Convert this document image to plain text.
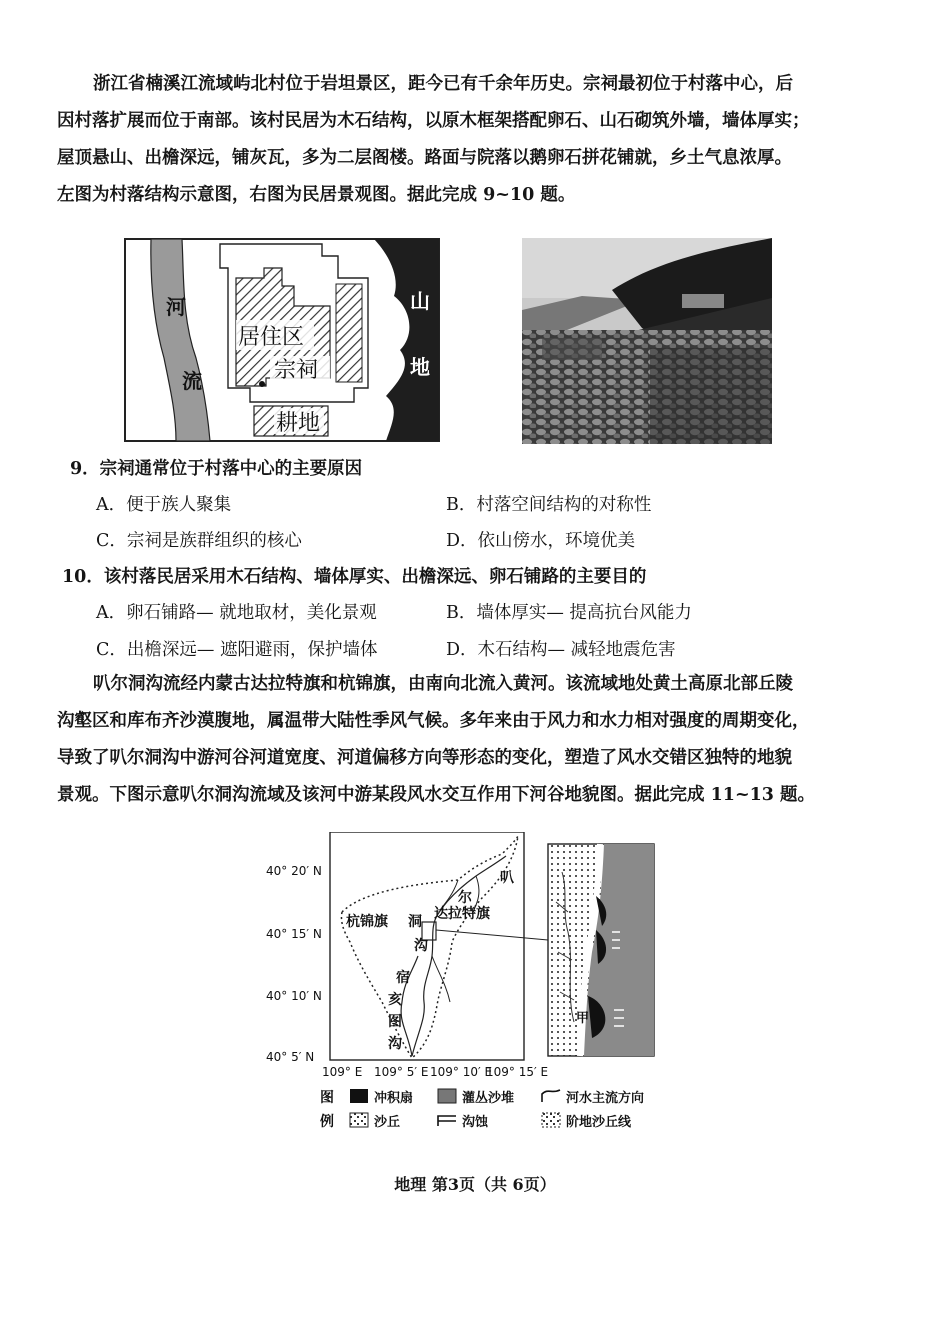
浙江省楠溪江流域屿北村位于岩坦景区，距今已有千余年历史。宗祠最初位于村落中心，后
因村落扩展而位于南部。该村民居为木石结构，以原木框架搭配卵石、山石砌筑外墙，墙体厚实；
屋顶悬山、出檐深远，铺灰瓦，多为二层阁楼。路面与院落以鹅卵石拼花铺就，乡土气息浓厚。
左图为村落结构示意图，右图为民居景观图。据此完成 9~10 题。
河
流
山
地
居住区
宗祠
耕地
9．宗祠通常位于村落中心的主要原因
A．便于族人聚集	B．村落空间结构的对称性
C．宗祠是族群组织的核心	D．依山傍水，环境优美
10．该村落民居采用木石结构、墙体厚实、出檐深远、卵石铺路的主要目的
A．卵石铺路— 就地取材，美化景观	B．墙体厚实— 提高抗台风能力
C．出檐深远— 遮阳避雨，保护墙体	D．木石结构— 减轻地震危害
叭尔洞沟流经内蒙古达拉特旗和杭锦旗，由南向北流入黄河。该流域地处黄土高原北部丘陵
沟壑区和库布齐沙漠腹地，属温带大陆性季风气候。多年来由于风力和水力相对强度的周期变化，
导致了叭尔洞沟中游河谷河道宽度、河道偏移方向等形态的变化，塑造了风水交错区独特的地貌
景观。下图示意叭尔洞沟流域及该河中游某段风水交互作用下河谷地貌图。据此完成 11~13 题。
40° 20′ N
40° 15′ N
40° 10′ N
40° 5′ N
109° E 109° 5′ E 109° 10′ E
109° 15′ E
杭锦旗
尔
达拉特旗
叭
洞
沟
宿
亥
图
沟
甲
图
例
冲积扇	灌丛沙堆	河水主流方向
沙丘	沟蚀	阶地沙丘线
地理 第3页（共 6页）
